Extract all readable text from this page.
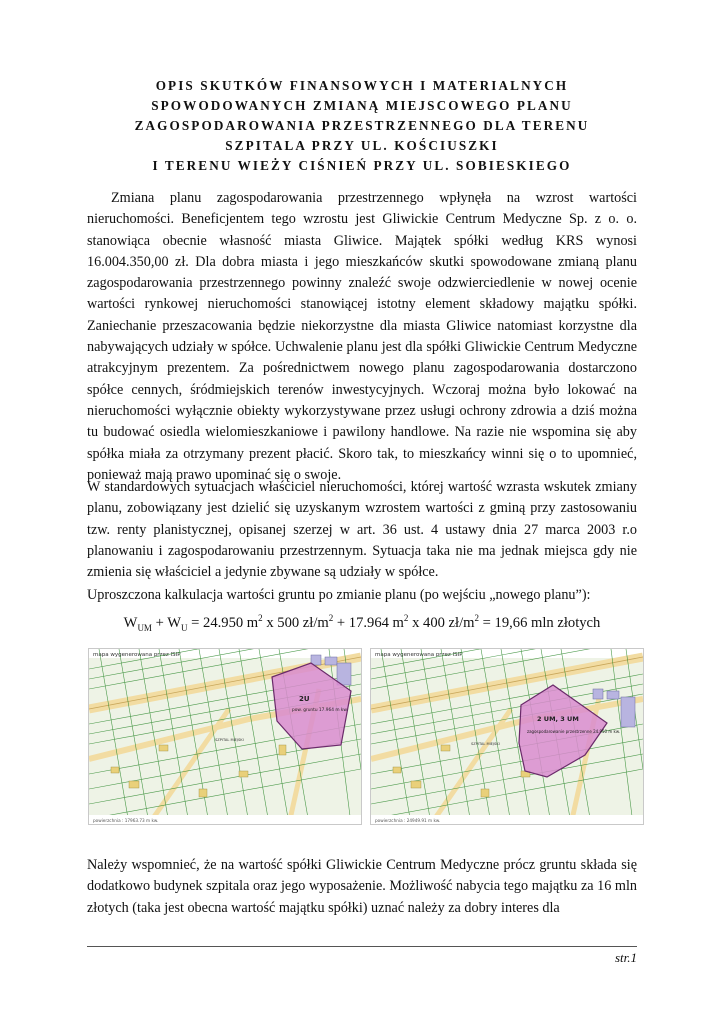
OPIS SKUTKÓW FINANSOWYCH I MATERIALNYCH
SPOWODOWANYCH ZMIANĄ MIEJSCOWEGO PLANU
ZAGOSPODAROWANIA PRZESTRZENNEGO DLA TERENU
SZPITALA PRZY UL. KOŚCIUSZKI
I TERENU WIEŻY CIŚNIEŃ PRZY UL. SOBIESKIEGO

Zmiana planu zagospodarowania przestrzennego wpłynęła na wzrost wartości nieruchomości. Beneficjentem tego wzrostu jest Gliwickie Centrum Medyczne Sp. z o. o. stanowiąca obecnie własność miasta Gliwice. Majątek spółki według KRS wynosi 16.004.350,00 zł. Dla dobra miasta i jego mieszkańców skutki spowodowane zmianą planu zagospodarowania przestrzennego powinny znaleźć swoje odzwierciedlenie w nowej ocenie wartości rynkowej nieruchomości stanowiącej istotny element składowy majątku spółki. Zaniechanie przeszacowania będzie niekorzystne dla miasta Gliwice natomiast korzystne dla nabywających udziały w spółce. Uchwalenie planu jest dla spółki Gliwickie Centrum Medyczne atrakcyjnym prezentem. Za pośrednictwem nowego planu zagospodarowania dostarczono spółce cennych, śródmiejskich terenów inwestycyjnych. Wczoraj można było lokować na nieruchomości wyłącznie obiekty wykorzystywane przez usługi ochrony zdrowia a dziś można tu budować osiedla wielomieszkaniowe i pawilony handlowe. Na razie nie wspomina się aby spółka miała za otrzymany prezent płacić. Skoro tak, to mieszkańcy winni się o to upomnieć, ponieważ mają prawo upominać się o swoje.

W standardowych sytuacjach właściciel nieruchomości, której wartość wzrasta wskutek zmiany planu, zobowiązany jest dzielić się uzyskanym wzrostem wartości z gminą przy zastosowaniu tzw. renty planistycznej, opisanej szerzej w art. 36 ust. 4 ustawy dnia 27 marca 2003 r.o planowaniu i zagospodarowaniu przestrzennym. Sytuacja taka nie ma jednak miejsca gdy nie zmienia się właściciel a jedynie zbywane są udziały w spółce.

Uproszczona kalkulacja wartości gruntu po zmianie planu (po wejściu „nowego planu”):

$W_{UM} + W_U = 24.950$ $m^2$ x 500 $zł/m^2 + 17.964$ $m^2$ x 400 $zł/m^2 = 19,66$ mln złotych
mapa wygenerowana przez ISIP
2U
pow. gruntu 17.964 m kw.
SZPITAL MIEJSKI
powierzchnia : 17963.73 m kw.
mapa wygenerowana przez ISIP
2 UM, 3 UM
zagospodarowanie przestrzenne 24.950 m kw.
SZPITAL MIEJSKI
powierzchnia : 24949.91 m kw.

Należy wspomnieć, że na wartość spółki Gliwickie Centrum Medyczne prócz gruntu składa się dodatkowo budynek szpitala oraz jego wyposażenie. Możliwość nabycia tego majątku za 16 mln złotych (taka jest obecna wartość majątku spółki) uznać należy za dobry interes dla

str.1
